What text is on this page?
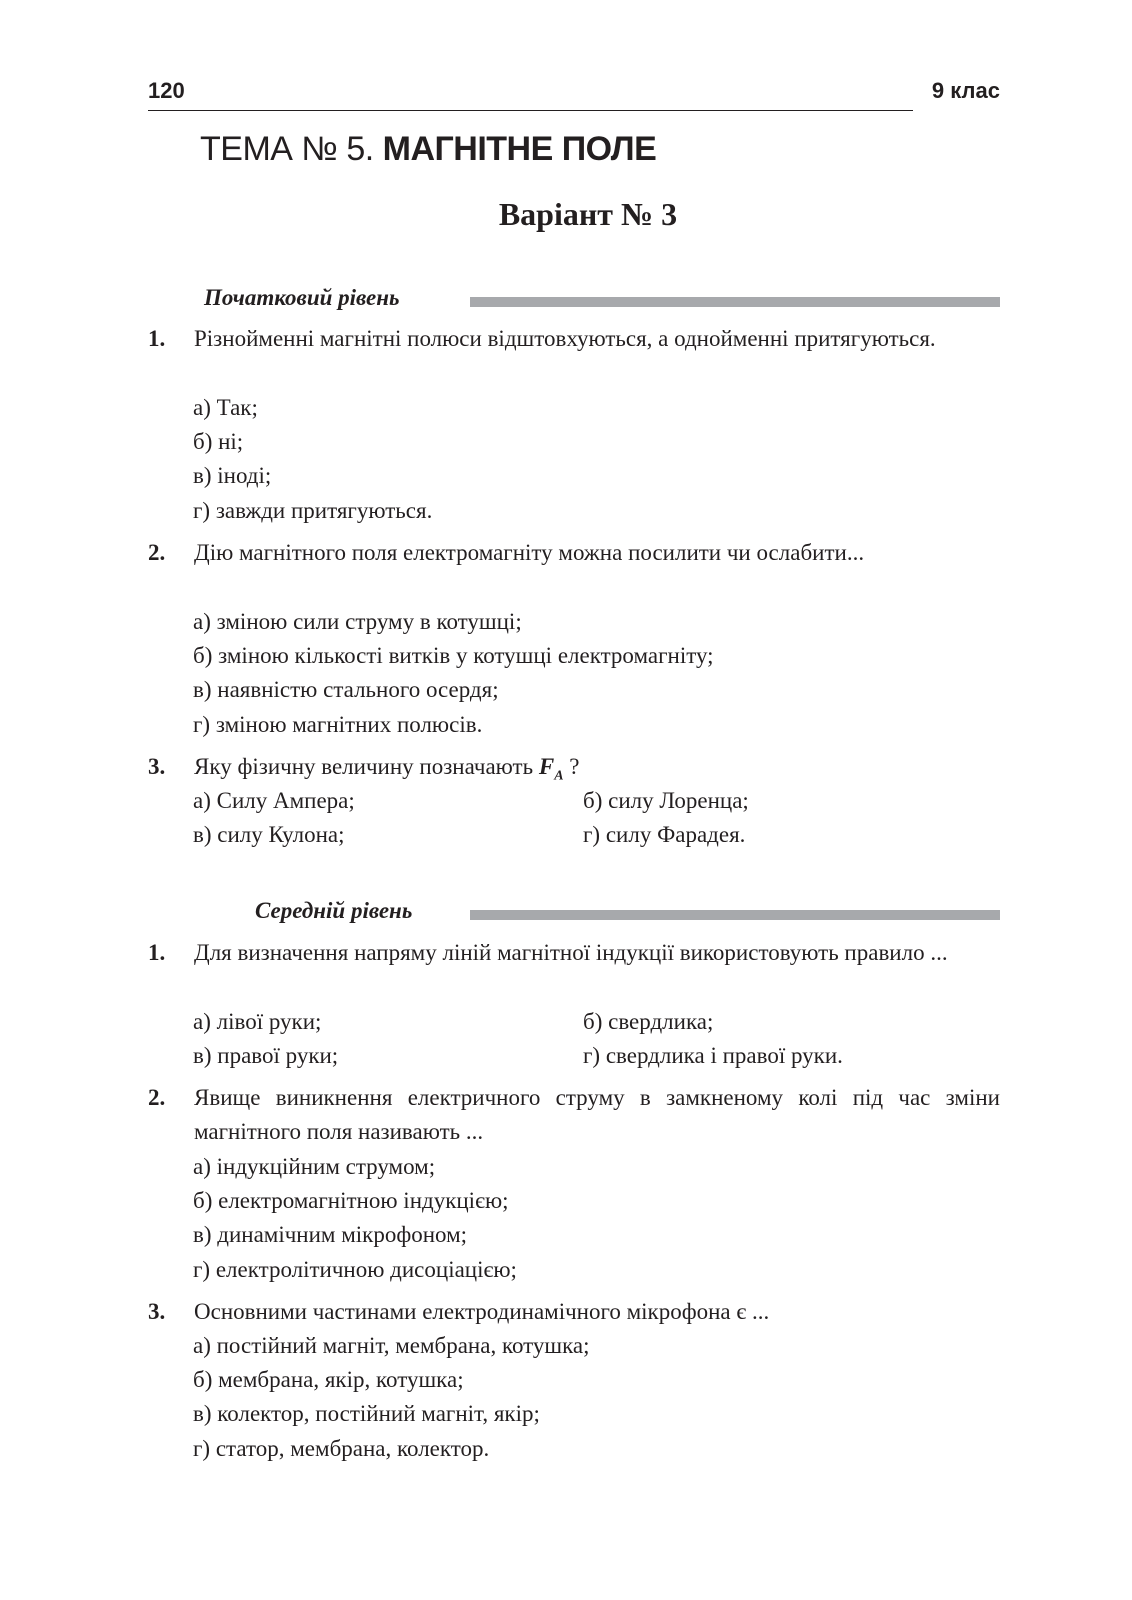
120	9 клас
ТЕМА № 5. МАГНІТНЕ ПОЛЕ
Варіант № 3
Початковий рівень
1. Різнойменні магнітні полюси відштовхуються, а однойменні притягуються.
а) Так;
б) ні;
в) іноді;
г) завжди притягуються.
2. Дію магнітного поля електромагніту можна посилити чи ослабити...
а) зміною сили струму в котушці;
б) зміною кількості витків у котушці електромагніту;
в) наявністю стального осердя;
г) зміною магнітних полюсів.
3. Яку фізичну величину позначають $F_A$ ?
а) Силу Ампера;	б) силу Лоренца;
в) силу Кулона;	г) силу Фарадея.
Середній рівень
1. Для визначення напряму ліній магнітної індукції використовують правило ...
а) лівої руки;	б) свердлика;
в) правої руки;	г) свердлика і правої руки.
2. Явище виникнення електричного струму в замкненому колі під час зміни магнітного поля називають ...
а) індукційним струмом;
б) електромагнітною індукцією;
в) динамічним мікрофоном;
г) електролітичною дисоціацією;
3. Основними частинами електродинамічного мікрофона є ...
а) постійний магніт, мембрана, котушка;
б) мембрана, якір, котушка;
в) колектор, постійний магніт, якір;
г) статор, мембрана, колектор.
